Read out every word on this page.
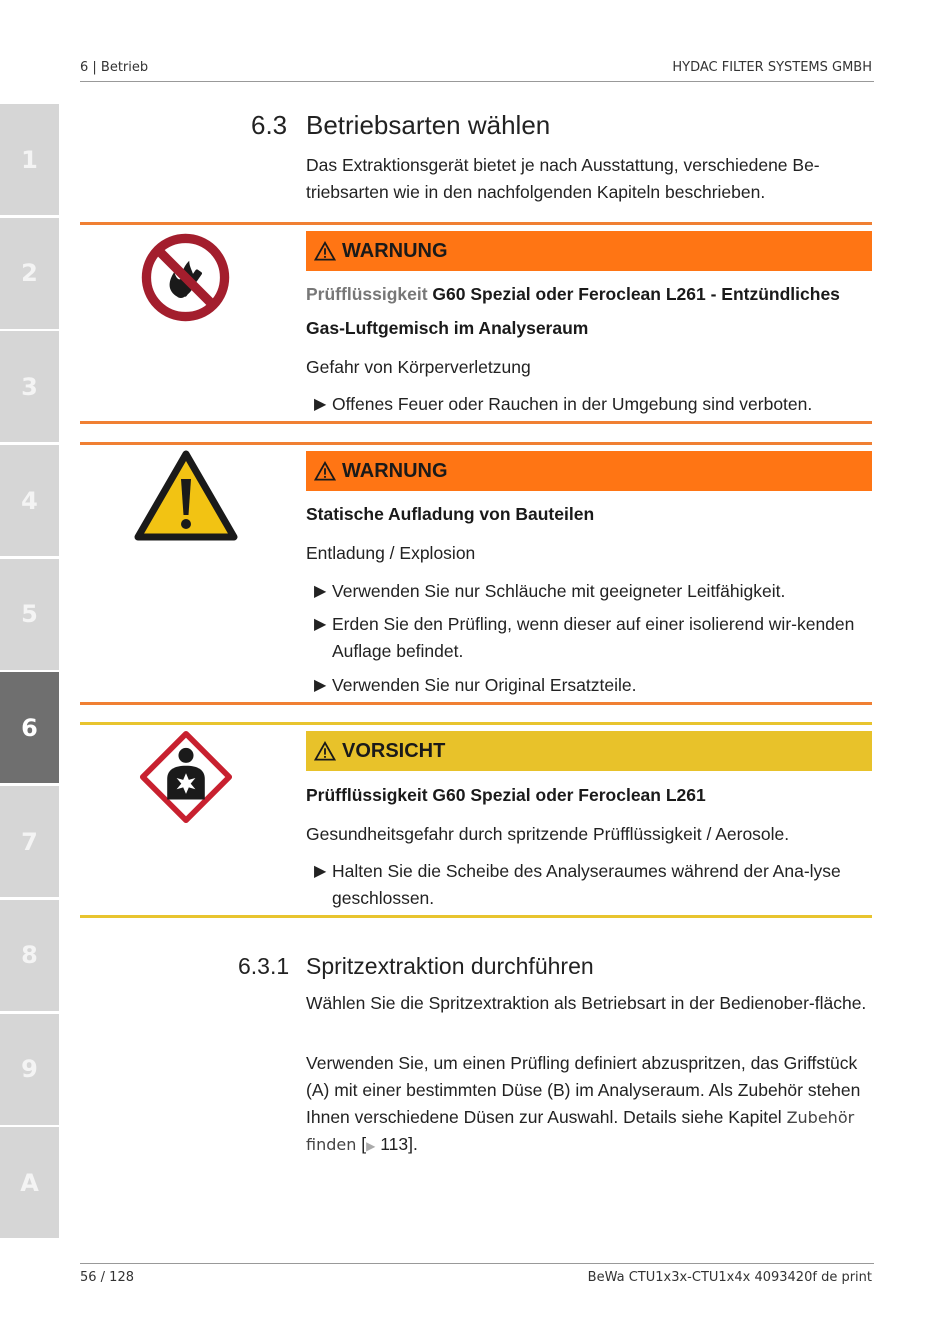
6 | Betrieb	HYDAC FILTER SYSTEMS GMBH
1
2
3
4
5
6
7
8
9
A
6.3 Betriebsarten wählen
Das Extraktionsgerät bietet je nach Ausstattung, verschiedene Be-triebsarten wie in den nachfolgenden Kapiteln beschrieben.
WARNUNG
Prüfflüssigkeit G60 Spezial oder Feroclean L261 - Entzündliches Gas-Luftgemisch im Analyseraum
Gefahr von Körperverletzung
▶ Offenes Feuer oder Rauchen in der Umgebung sind verboten.
WARNUNG
Statische Aufladung von Bauteilen
Entladung / Explosion
▶ Verwenden Sie nur Schläuche mit geeigneter Leitfähigkeit.
▶ Erden Sie den Prüfling, wenn dieser auf einer isolierend wir-kenden Auflage befindet.
▶ Verwenden Sie nur Original Ersatzteile.
VORSICHT
Prüfflüssigkeit G60 Spezial oder Feroclean L261
Gesundheitsgefahr durch spritzende Prüfflüssigkeit / Aerosole.
▶ Halten Sie die Scheibe des Analyseraumes während der Ana-lyse geschlossen.
6.3.1 Spritzextraktion durchführen
Wählen Sie die Spritzextraktion als Betriebsart in der Bedienober-fläche.
Verwenden Sie, um einen Prüfling definiert abzuspritzen, das Griffstück (A) mit einer bestimmten Düse (B) im Analyseraum. Als Zubehör stehen Ihnen verschiedene Düsen zur Auswahl. Details siehe Kapitel Zubehör finden [▶ 113].
56 / 128	BeWa CTU1x3x-CTU1x4x 4093420f de print
